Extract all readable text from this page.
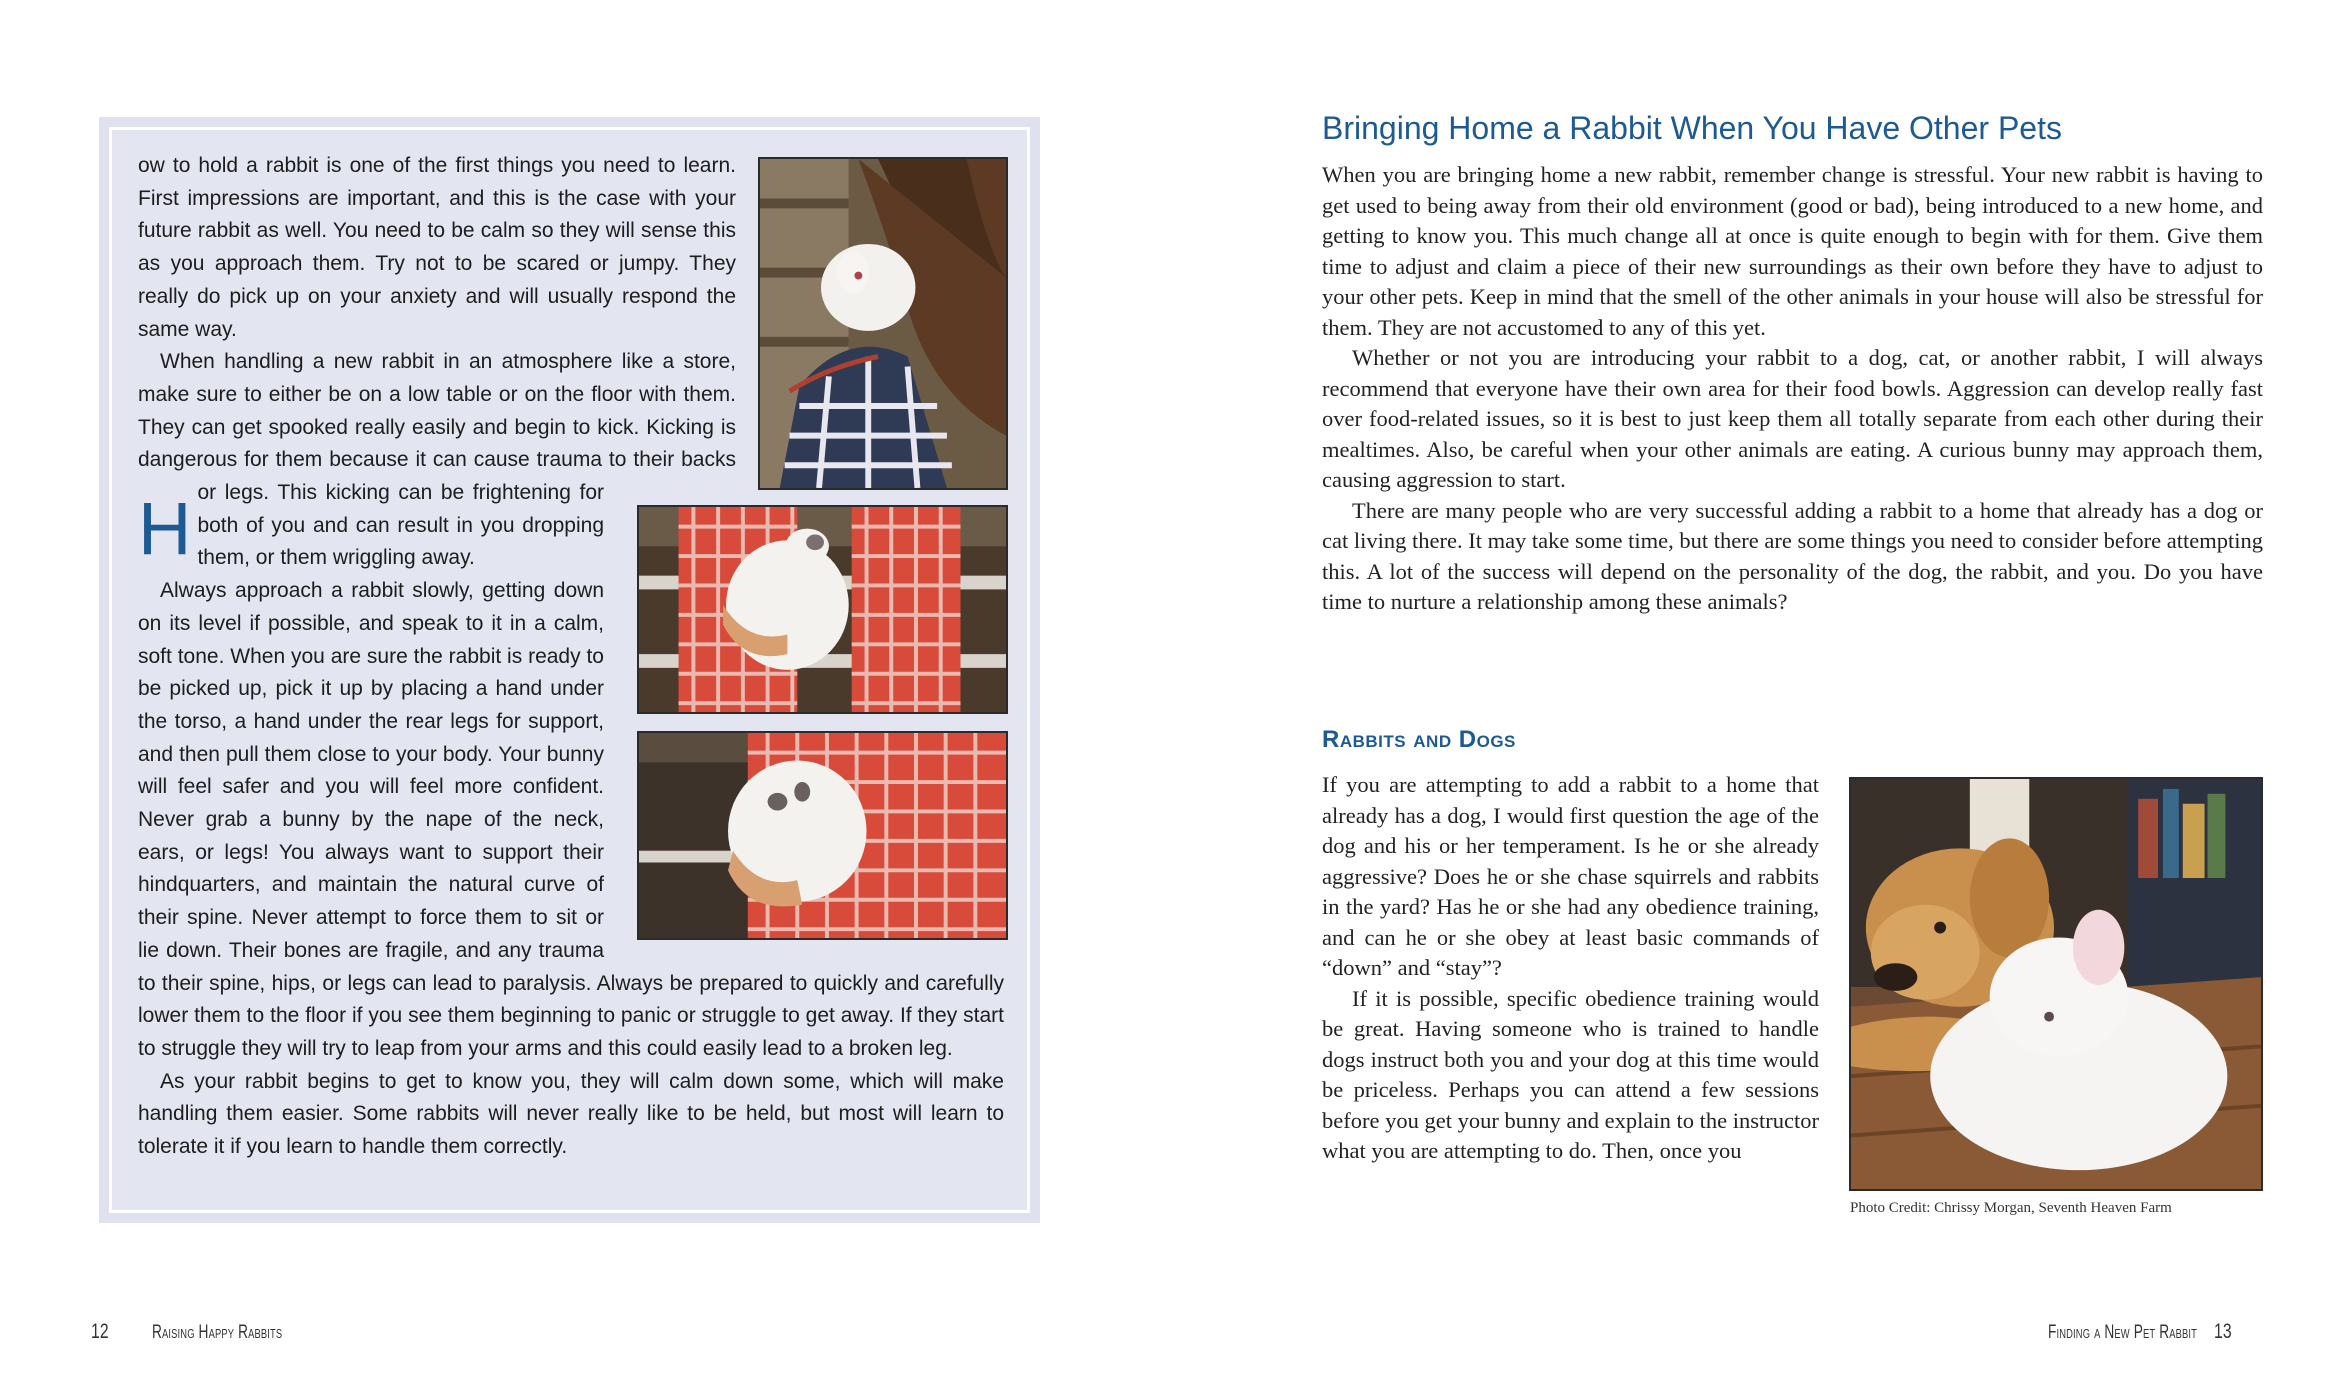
H
ow to hold a rabbit is one of the first things you need to learn. First impressions are important, and this is the case with your future rabbit as well. You need to be calm so they will sense this as you approach them. Try not to be scared or jumpy. They really do pick up on your anxiety and will usually respond the same way.

When handling a new rabbit in an atmosphere like a store, make sure to either be on a low table or on the floor with them. They can get spooked really easily and begin to kick. Kicking is dangerous for them because it can cause trauma to their backs or legs. This kicking can be frightening for both of you and can result in you dropping them, or them wriggling away.

Always approach a rabbit slowly, getting down on its level if possible, and speak to it in a calm, soft tone. When you are sure the rabbit is ready to be picked up, pick it up by placing a hand under the torso, a hand under the rear legs for support, and then pull them close to your body. Your bunny will feel safer and you will feel more confident. Never grab a bunny by the nape of the neck, ears, or legs! You always want to support their hindquarters, and maintain the natural curve of their spine. Never attempt to force them to sit or lie down. Their bones are fragile, and any trauma to their spine, hips, or legs can lead to paralysis. Always be prepared to quickly and carefully lower them to the floor if you see them beginning to panic or struggle to get away. If they start to struggle they will try to leap from your arms and this could easily lead to a broken leg.

As your rabbit begins to get to know you, they will calm down some, which will make handling them easier. Some rabbits will never really like to be held, but most will learn to tolerate it if you learn to handle them correctly.

12 Raising Happy Rabbits
Bringing Home a Rabbit When You Have Other Pets

When you are bringing home a new rabbit, remember change is stressful. Your new rabbit is having to get used to being away from their old environment (good or bad), being introduced to a new home, and getting to know you. This much change all at once is quite enough to begin with for them. Give them time to adjust and claim a piece of their new surroundings as their own before they have to adjust to your other pets. Keep in mind that the smell of the other animals in your house will also be stressful for them. They are not accustomed to any of this yet.

Whether or not you are introducing your rabbit to a dog, cat, or another rabbit, I will always recommend that everyone have their own area for their food bowls. Aggression can develop really fast over food-related issues, so it is best to just keep them all totally separate from each other during their mealtimes. Also, be careful when your other animals are eating. A curious bunny may approach them, causing aggression to start.

There are many people who are very successful adding a rabbit to a home that already has a dog or cat living there. It may take some time, but there are some things you need to consider before attempting this. A lot of the success will depend on the personality of the dog, the rabbit, and you. Do you have time to nurture a relationship among these animals?

Rabbits and Dogs

If you are attempting to add a rabbit to a home that already has a dog, I would first question the age of the dog and his or her temperament. Is he or she already aggressive? Does he or she chase squirrels and rabbits in the yard? Has he or she had any obedience training, and can he or she obey at least basic commands of “down” and “stay”?

If it is possible, specific obedience training would be great. Having someone who is trained to handle dogs instruct both you and your dog at this time would be priceless. Perhaps you can attend a few sessions before you get your bunny and explain to the instructor what you are attempting to do. Then, once you

Photo Credit: Chrissy Morgan, Seventh Heaven Farm
Finding a New Pet Rabbit 13
